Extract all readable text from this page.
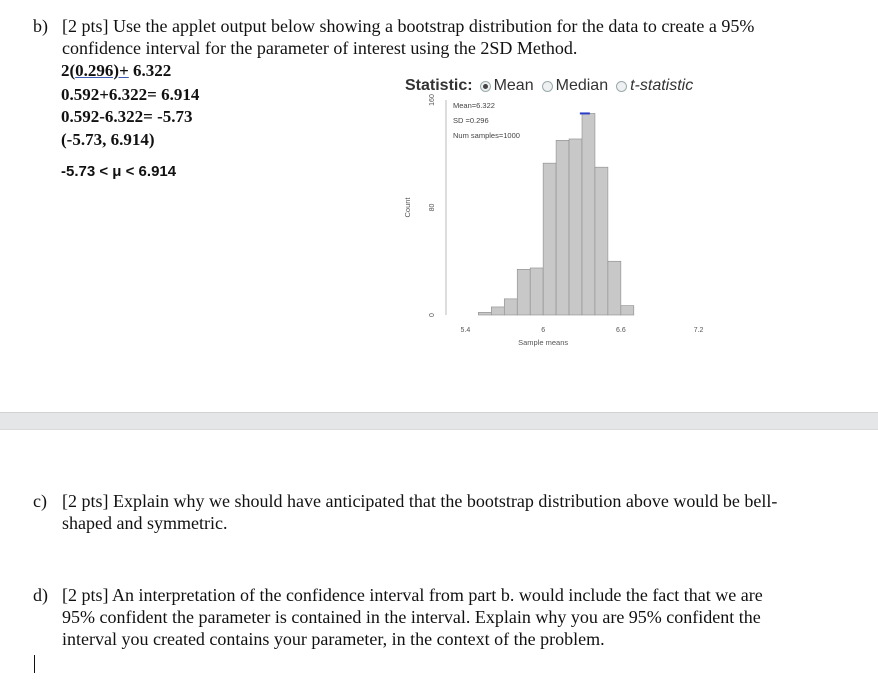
b) [2 pts] Use the applet output below showing a bootstrap distribution for the data to create a 95%
confidence interval for the parameter of interest using the 2SD Method.
2(0.296)+ 6.322
0.592+6.322= 6.914
0.592-6.322= -5.73
(-5.73, 6.914)
-5.73 < μ < 6.914
Statistic: Mean Median t-statistic
5.4	6	6.6	7.2
0
80
160
Sample means
Count
Mean=6.322
SD =0.296
Num samples=1000
c) [2 pts] Explain why we should have anticipated that the bootstrap distribution above would be bell-
shaped and symmetric.
d) [2 pts] An interpretation of the confidence interval from part b. would include the fact that we are
95% confident the parameter is contained in the interval. Explain why you are 95% confident the
interval you created contains your parameter, in the context of the problem.
